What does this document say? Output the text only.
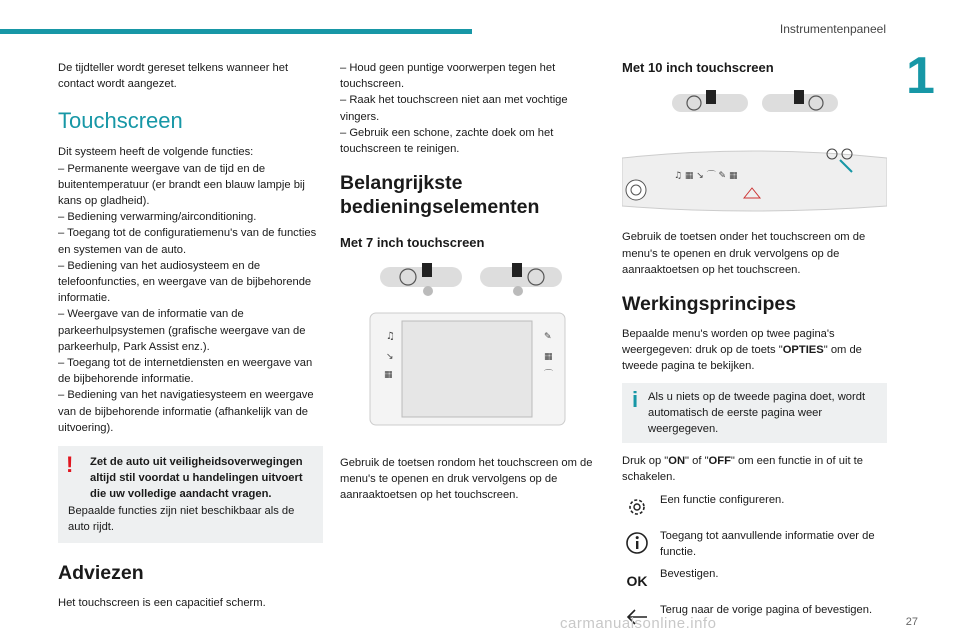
Instrumentenpaneel
1

De tijdteller wordt gereset telkens wanneer het contact wordt aangezet.

Touchscreen

Dit systeem heeft de volgende functies:

– Permanente weergave van de tijd en de buitentemperatuur (er brandt een blauw lampje bij kans op gladheid).
– Bediening verwarming/airconditioning.
– Toegang tot de configuratiemenu's van de functies en systemen van de auto.
– Bediening van het audiosysteem en de telefoonfuncties, en weergave van de bijbehorende informatie.
– Weergave van de informatie van de parkeerhulpsystemen (grafische weergave van de parkeerhulp, Park Assist enz.).
– Toegang tot de internetdiensten en weergave van de bijbehorende informatie.
– Bediening van het navigatiesysteem en weergave van de bijbehorende informatie (afhankelijk van de uitvoering).
!	Zet de auto uit veiligheidsoverwegingen altijd stil voordat u handelingen uitvoert die uw volledige aandacht vragen.
Bepaalde functies zijn niet beschikbaar als de auto rijdt.
Adviezen

Het touchscreen is een capacitief scherm.

– Houd geen puntige voorwerpen tegen het touchscreen.
– Raak het touchscreen niet aan met vochtige vingers.
– Gebruik een schone, zachte doek om het touchscreen te reinigen.
Belangrijkste bedieningselementen
Met 7 inch touchscreen
♫
↘
▦
✎
▦
⌒

Gebruik de toetsen rondom het touchscreen om de menu's te openen en druk vervolgens op de aanraaktoetsen op het touchscreen.

Met 10 inch touchscreen
♫ ▦ ↘ ⌒ ✎ ▦

Gebruik de toetsen onder het touchscreen om de menu's te openen en druk vervolgens op de aanraaktoetsen op het touchscreen.

Werkingsprincipes

Bepaalde menu's worden op twee pagina's weergegeven: druk op de toets "OPTIES" om de tweede pagina te bekijken.

i Als u niets op de tweede pagina doet, wordt automatisch de eerste pagina weer weergegeven.

Druk op "ON" of "OFF" om een functie in of uit te schakelen.

Een functie configureren.
Toegang tot aanvullende informatie over de functie.
OK	Bevestigen.
Terug naar de vorige pagina of bevestigen.
carmanualsonline.info	27
